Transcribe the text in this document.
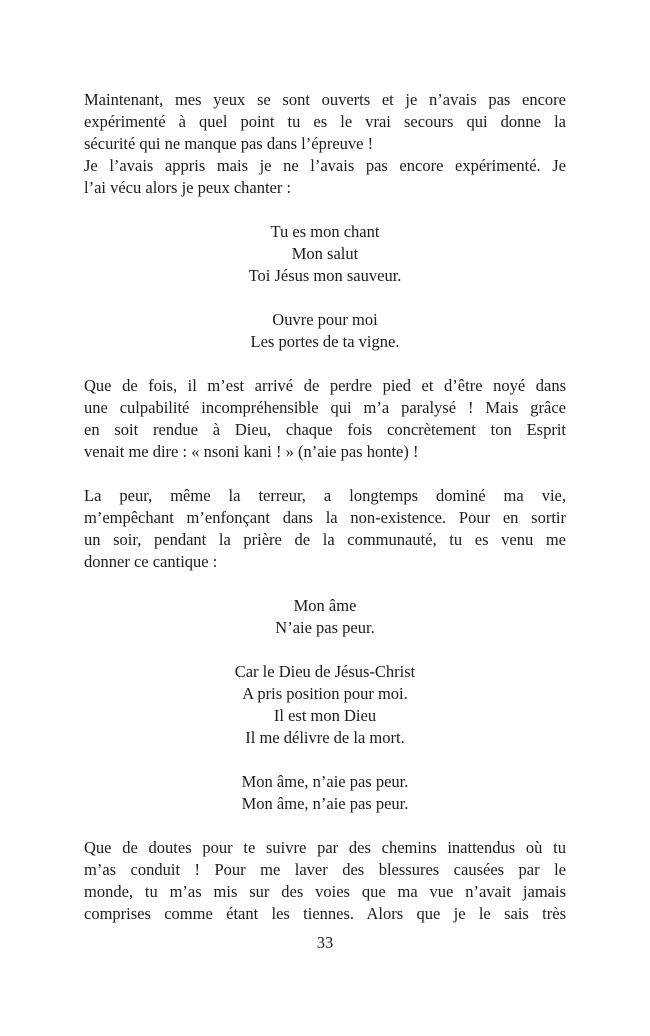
Maintenant, mes yeux se sont ouverts et je n’avais pas encore
expérimenté à quel point tu es le vrai secours qui donne la
sécurité qui ne manque pas dans l’épreuve !
Je l’avais appris mais je ne l’avais pas encore expérimenté. Je
l’ai vécu alors je peux chanter :
Tu es mon chant
Mon salut
Toi Jésus mon sauveur.
Ouvre pour moi
Les portes de ta vigne.
Que de fois, il m’est arrivé de perdre pied et d’être noyé dans
une culpabilité incompréhensible qui m’a paralysé ! Mais grâce
en soit rendue à Dieu, chaque fois concrètement ton Esprit
venait me dire : « nsoni kani ! » (n’aie pas honte) !
La peur, même la terreur, a longtemps dominé ma vie,
m’empêchant m’enfonçant dans la non-existence. Pour en sortir
un soir, pendant la prière de la communauté, tu es venu me
donner ce cantique :
Mon âme
N’aie pas peur.
Car le Dieu de Jésus-Christ
A pris position pour moi.
Il est mon Dieu
Il me délivre de la mort.
Mon âme, n’aie pas peur.
Mon âme, n’aie pas peur.
Que de doutes pour te suivre par des chemins inattendus où tu
m’as conduit ! Pour me laver des blessures causées par le
monde, tu m’as mis sur des voies que ma vue n’avait jamais
comprises comme étant les tiennes. Alors que je le sais très
33
